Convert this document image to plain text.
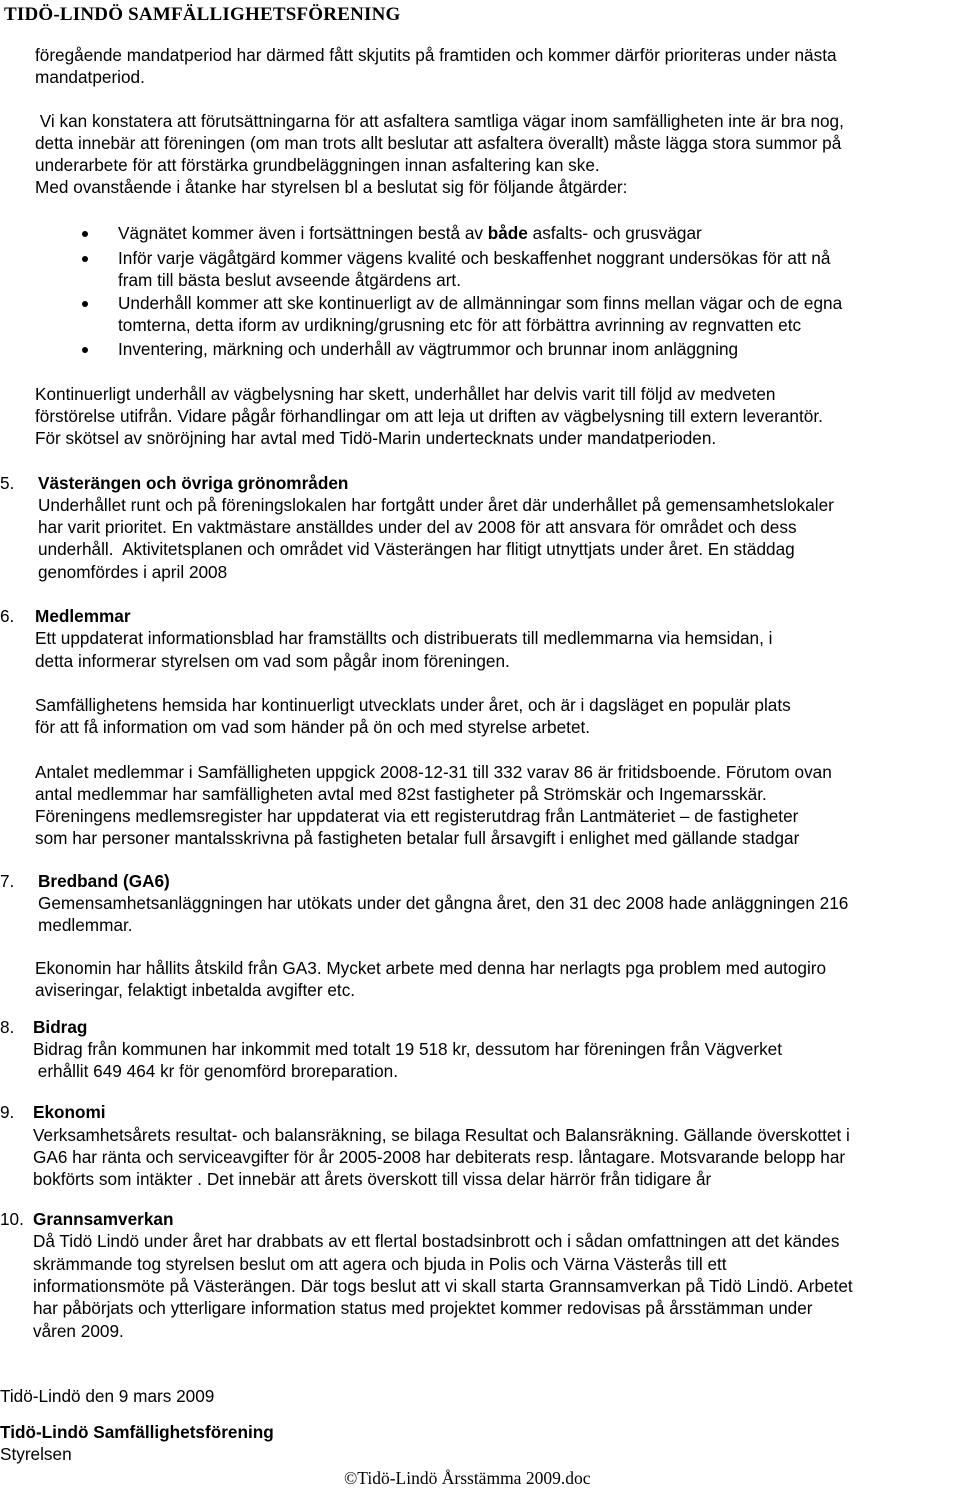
TIDÖ-LINDÖ SAMFÄLLIGHETSFÖRENING
föregående mandatperiod har därmed fått skjutits på framtiden och kommer därför prioriteras under nästa
mandatperiod.
Vi kan konstatera att förutsättningarna för att asfaltera samtliga vägar inom samfälligheten inte är bra nog,
detta innebär att föreningen (om man trots allt beslutar att asfaltera överallt) måste lägga stora summor på
underarbete för att förstärka grundbeläggningen innan asfaltering kan ske.
Med ovanstående i åtanke har styrelsen bl a beslutat sig för följande åtgärder:
Vägnätet kommer även i fortsättningen bestå av både asfalts- och grusvägar
Inför varje vägåtgärd kommer vägens kvalité och beskaffenhet noggrant undersökas för att nå
fram till bästa beslut avseende åtgärdens art.
Underhåll kommer att ske kontinuerligt av de allmänningar som finns mellan vägar och de egna
tomterna, detta iform av urdikning/grusning etc för att förbättra avrinning av regnvatten etc
Inventering, märkning och underhåll av vägtrummor och brunnar inom anläggning
Kontinuerligt underhåll av vägbelysning har skett, underhållet har delvis varit till följd av medveten
förstörelse utifrån. Vidare pågår förhandlingar om att leja ut driften av vägbelysning till extern leverantör.
För skötsel av snöröjning har avtal med Tidö-Marin undertecknats under mandatperioden.
5. Västerängen och övriga grönområden
Underhållet runt och på föreningslokalen har fortgått under året där underhållet på gemensamhetslokaler
har varit prioritet. En vaktmästare anställdes under del av 2008 för att ansvara för området och dess
underhåll.  Aktivitetsplanen och området vid Västerängen har flitigt utnyttjats under året. En städdag
genomfördes i april 2008
6. Medlemmar
Ett uppdaterat informationsblad har framställts och distribuerats till medlemmarna via hemsidan, i
detta informerar styrelsen om vad som pågår inom föreningen.
Samfällighetens hemsida har kontinuerligt utvecklats under året, och är i dagsläget en populär plats
för att få information om vad som händer på ön och med styrelse arbetet.
Antalet medlemmar i Samfälligheten uppgick 2008-12-31 till 332 varav 86 är fritidsboende. Förutom ovan
antal medlemmar har samfälligheten avtal med 82st fastigheter på Strömskär och Ingemarsskär.
Föreningens medlemsregister har uppdaterat via ett registerutdrag från Lantmäteriet – de fastigheter
som har personer mantalsskrivna på fastigheten betalar full årsavgift i enlighet med gällande stadgar
7. Bredband (GA6)
Gemensamhetsanläggningen har utökats under det gångna året, den 31 dec 2008 hade anläggningen 216
medlemmar.
Ekonomin har hållits åtskild från GA3. Mycket arbete med denna har nerlagts pga problem med autogiro
aviseringar, felaktigt inbetalda avgifter etc.
8. Bidrag
Bidrag från kommunen har inkommit med totalt 19 518 kr, dessutom har föreningen från Vägverket
erhållit 649 464 kr för genomförd broreparation.
9. Ekonomi
Verksamhetsårets resultat- och balansräkning, se bilaga Resultat och Balansräkning. Gällande överskottet i
GA6 har ränta och serviceavgifter för år 2005-2008 har debiterats resp. låntagare. Motsvarande belopp har
bokförts som intäkter . Det innebär att årets överskott till vissa delar härrör från tidigare år
10. Grannsamverkan
Då Tidö Lindö under året har drabbats av ett flertal bostadsinbrott och i sådan omfattningen att det kändes
skrämmande tog styrelsen beslut om att agera och bjuda in Polis och Värna Västerås till ett
informationsmöte på Västerängen. Där togs beslut att vi skall starta Grannsamverkan på Tidö Lindö. Arbetet
har påbörjats och ytterligare information status med projektet kommer redovisas på årsstämman under
våren 2009.
Tidö-Lindö den 9 mars 2009
Tidö-Lindö Samfällighetsförening
Styrelsen
©Tidö-Lindö Årsstämma 2009.doc
